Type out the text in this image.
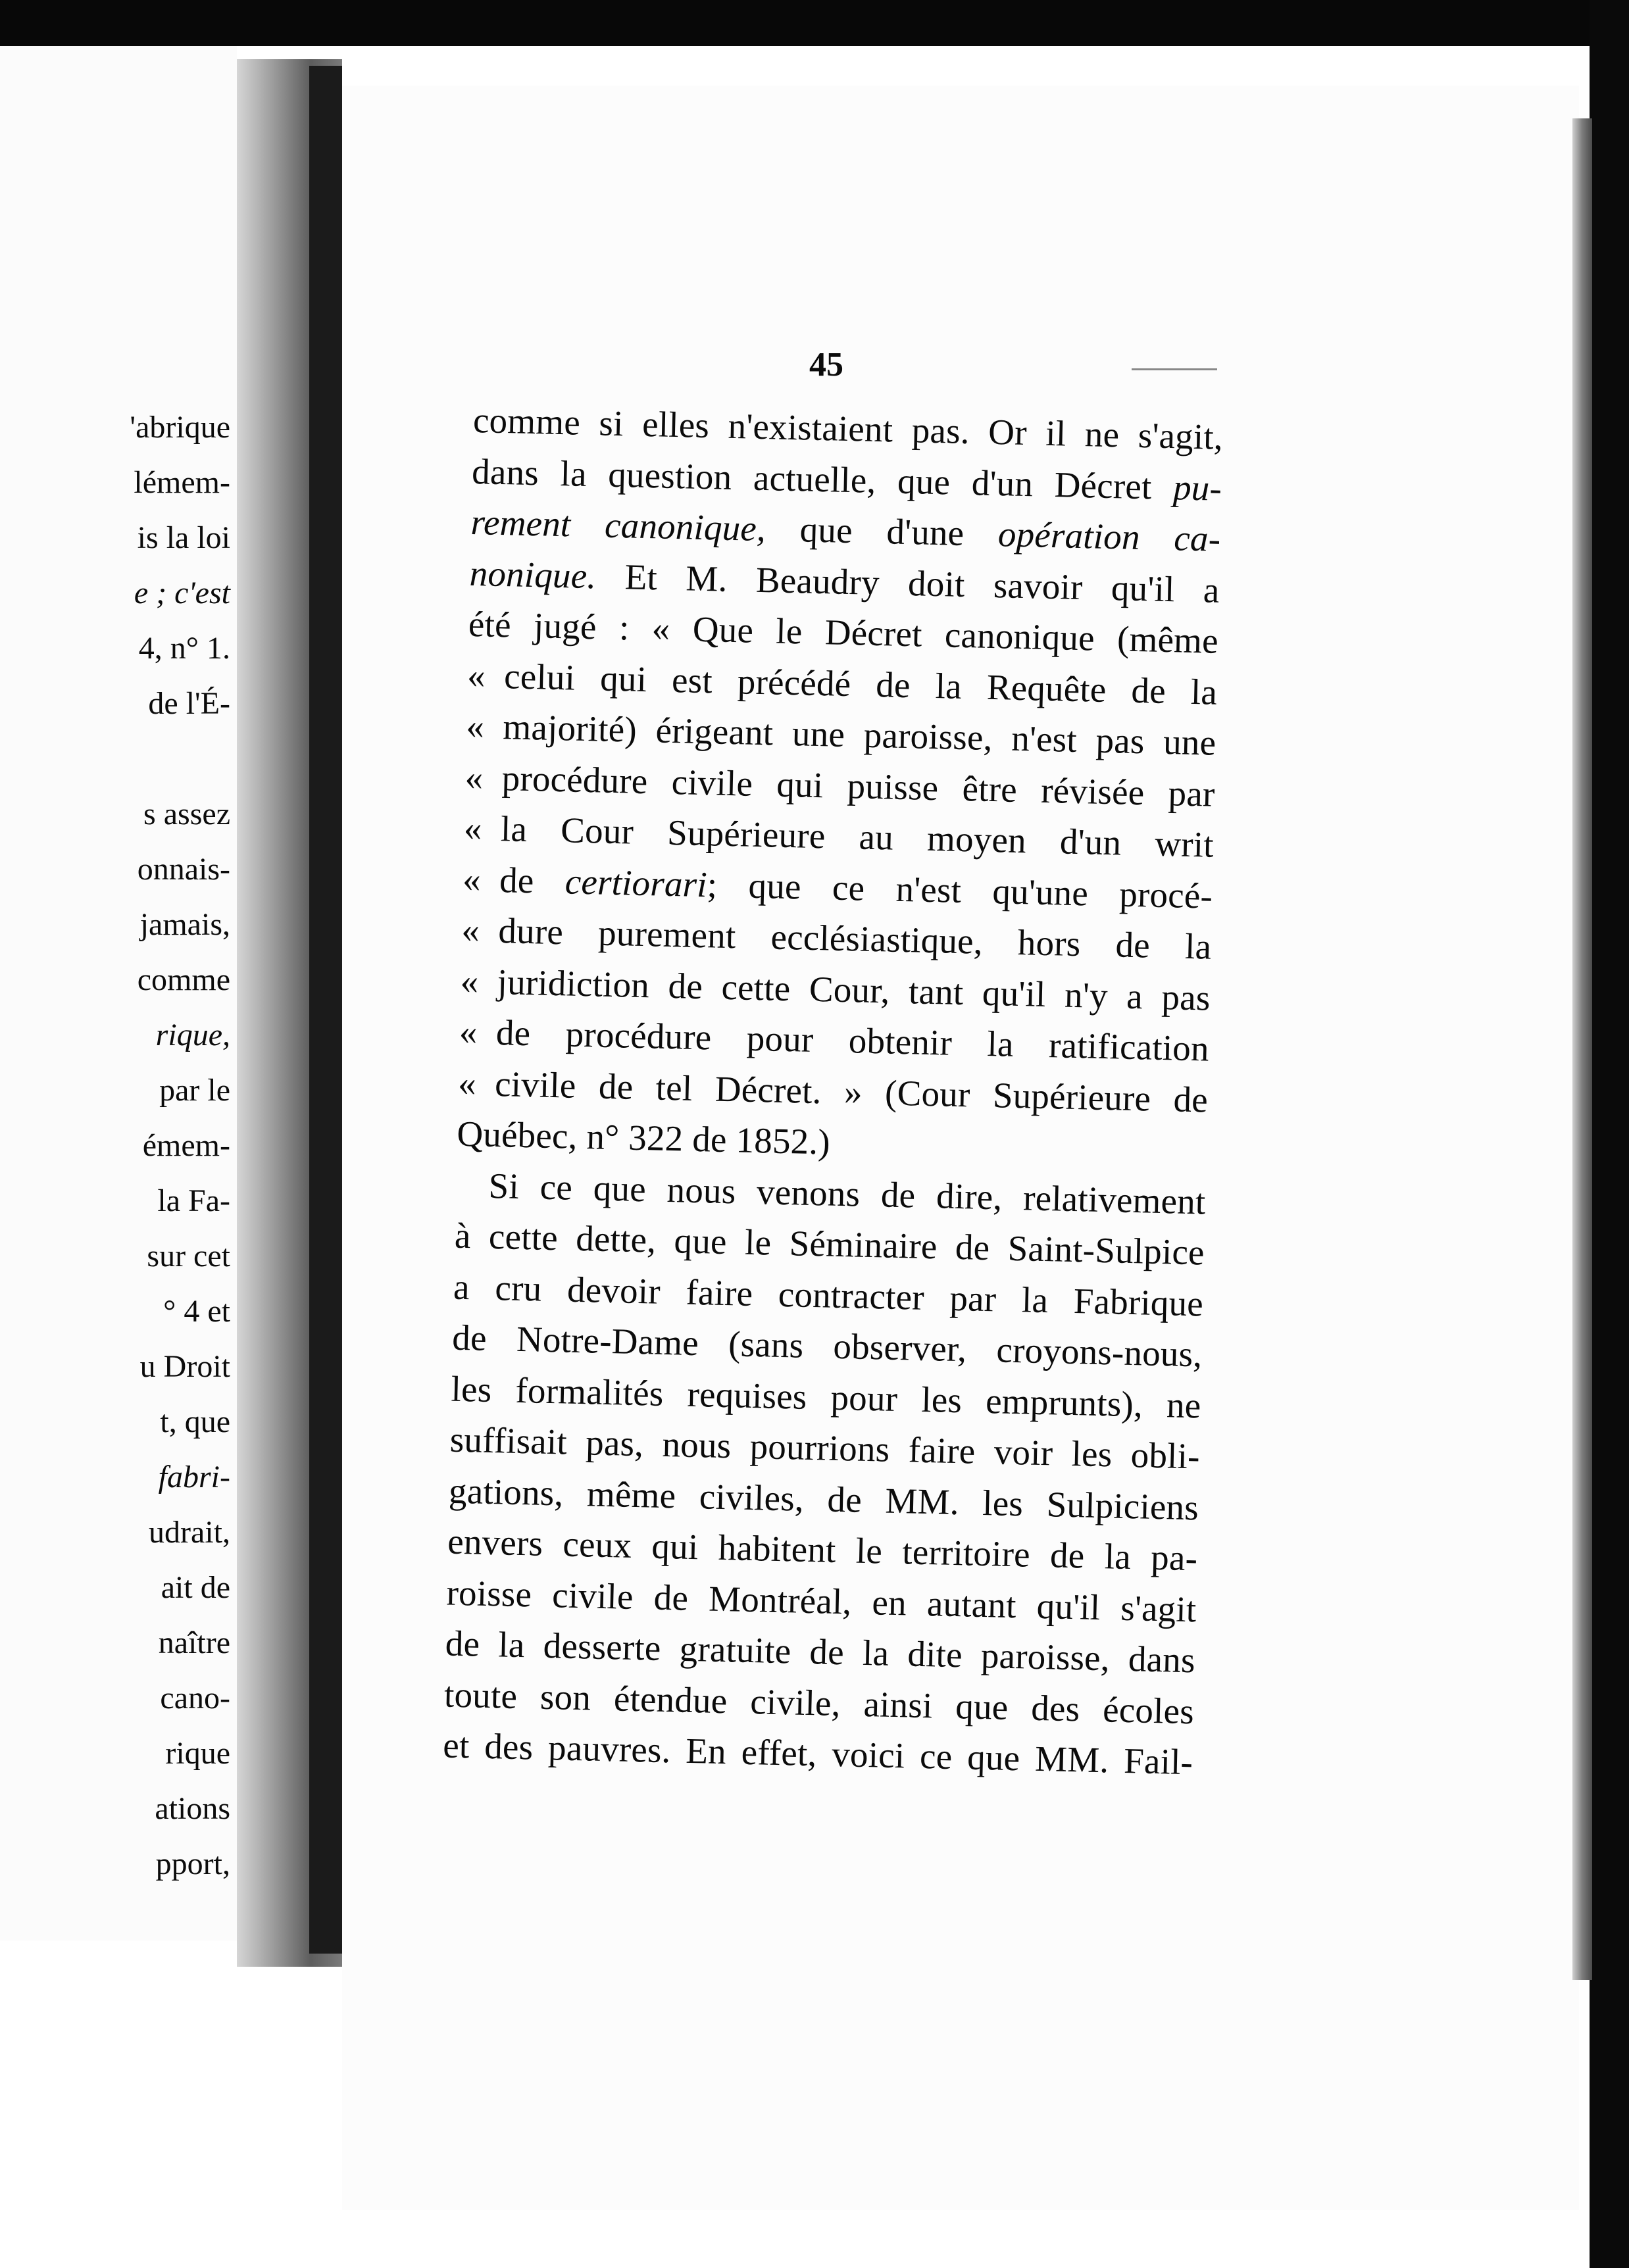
'abrique
lémem-
is la loi
e ; c'est
4, n° 1.
de l'É-
s assez
onnais-
jamais,
comme
rique,
par le
émem-
la Fa-
sur cet
° 4 et
u Droit
t, que
fabri-
udrait,
ait de
naître
cano-
rique
ations
pport,
45
comme si elles n'existaient pas. Or il ne s'agit,
dans la question actuelle, que d'un Décret pu-
rement canonique, que d'une opération ca-
nonique. Et M. Beaudry doit savoir qu'il a
été jugé : « Que le Décret canonique (même
« celui qui est précédé de la Requête de la
« majorité) érigeant une paroisse, n'est pas une
« procédure civile qui puisse être révisée par
« la Cour Supérieure au moyen d'un writ
« de certiorari; que ce n'est qu'une procé-
« dure purement ecclésiastique, hors de la
« juridiction de cette Cour, tant qu'il n'y a pas
« de procédure pour obtenir la ratification
« civile de tel Décret. » (Cour Supérieure de
Québec, n° 322 de 1852.)
Si ce que nous venons de dire, relativement
à cette dette, que le Séminaire de Saint-Sulpice
a cru devoir faire contracter par la Fabrique
de Notre-Dame (sans observer, croyons-nous,
les formalités requises pour les emprunts), ne
suffisait pas, nous pourrions faire voir les obli-
gations, même civiles, de MM. les Sulpiciens
envers ceux qui habitent le territoire de la pa-
roisse civile de Montréal, en autant qu'il s'agit
de la desserte gratuite de la dite paroisse, dans
toute son étendue civile, ainsi que des écoles
et des pauvres. En effet, voici ce que MM. Fail-
